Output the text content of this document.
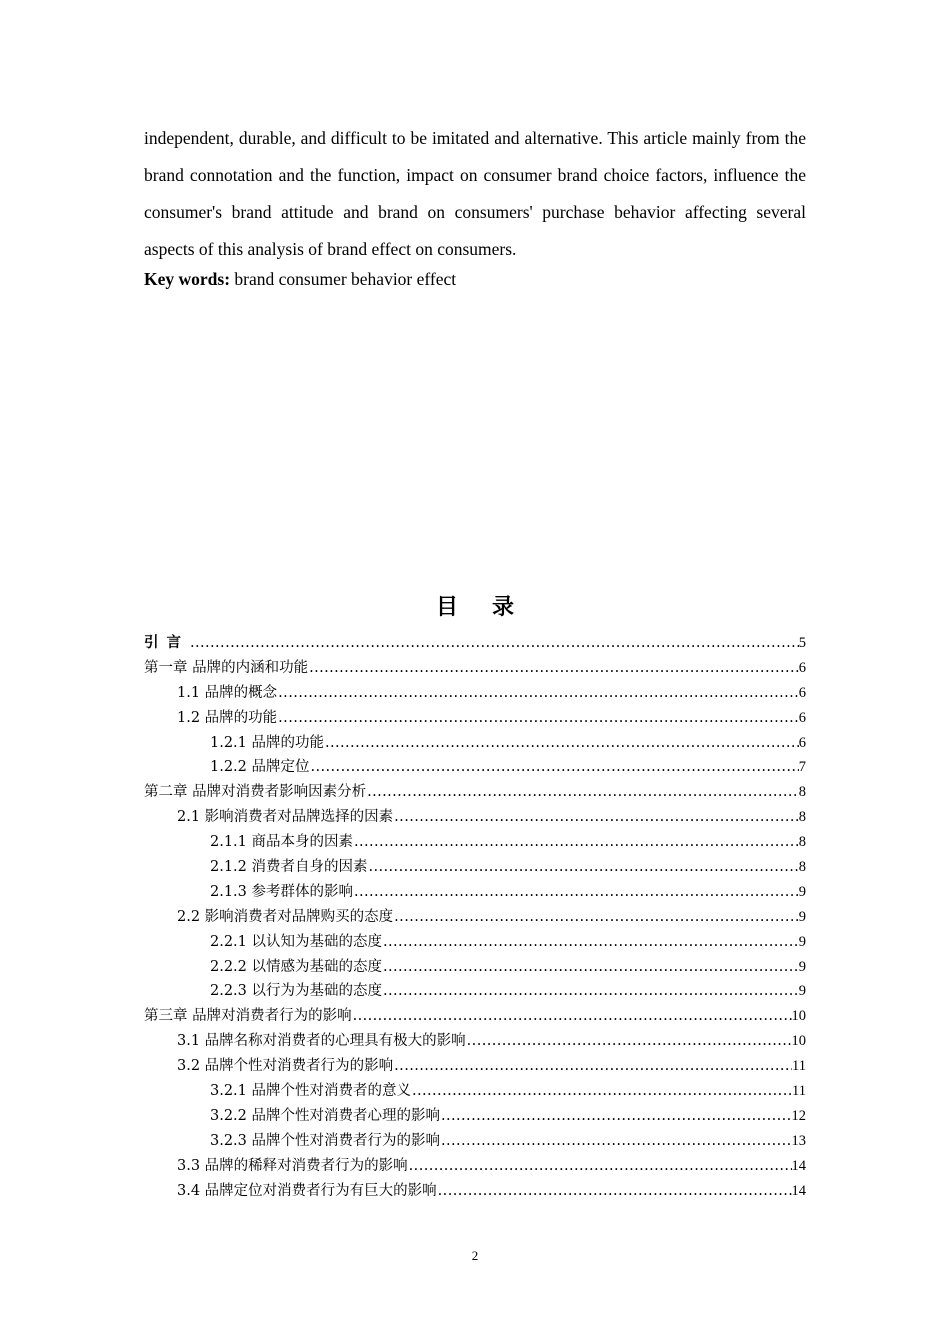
independent, durable, and difficult to be imitated and alternative. This article mainly from the brand connotation and the function, impact on consumer brand choice factors, influence the consumer's brand attitude and brand on consumers' purchase behavior affecting several aspects of this analysis of brand effect on consumers.

Key words: brand consumer behavior effect

目录
引言 .....	5
第一章 品牌的内涵和功能 .....	6
1.1 品牌的概念 .....	6
1.2 品牌的功能 .....	6
1.2.1 品牌的功能 .....	6
1.2.2 品牌定位 .....	7
第二章 品牌对消费者影响因素分析 .....	8
2.1 影响消费者对品牌选择的因素 .....	8
2.1.1 商品本身的因素 .....	8
2.1.2 消费者自身的因素 .....	8
2.1.3 参考群体的影响 .....	9
2.2 影响消费者对品牌购买的态度 .....	9
2.2.1 以认知为基础的态度 .....	9
2.2.2 以情感为基础的态度 .....	9
2.2.3 以行为为基础的态度 .....	9
第三章 品牌对消费者行为的影响 .....	10
3.1 品牌名称对消费者的心理具有极大的影响 .....	10
3.2 品牌个性对消费者行为的影响 .....	11
3.2.1 品牌个性对消费者的意义 .....	11
3.2.2 品牌个性对消费者心理的影响 .....	12
3.2.3 品牌个性对消费者行为的影响 .....	13
3.3 品牌的稀释对消费者行为的影响 .....	14
3.4 品牌定位对消费者行为有巨大的影响 .....	14
2
